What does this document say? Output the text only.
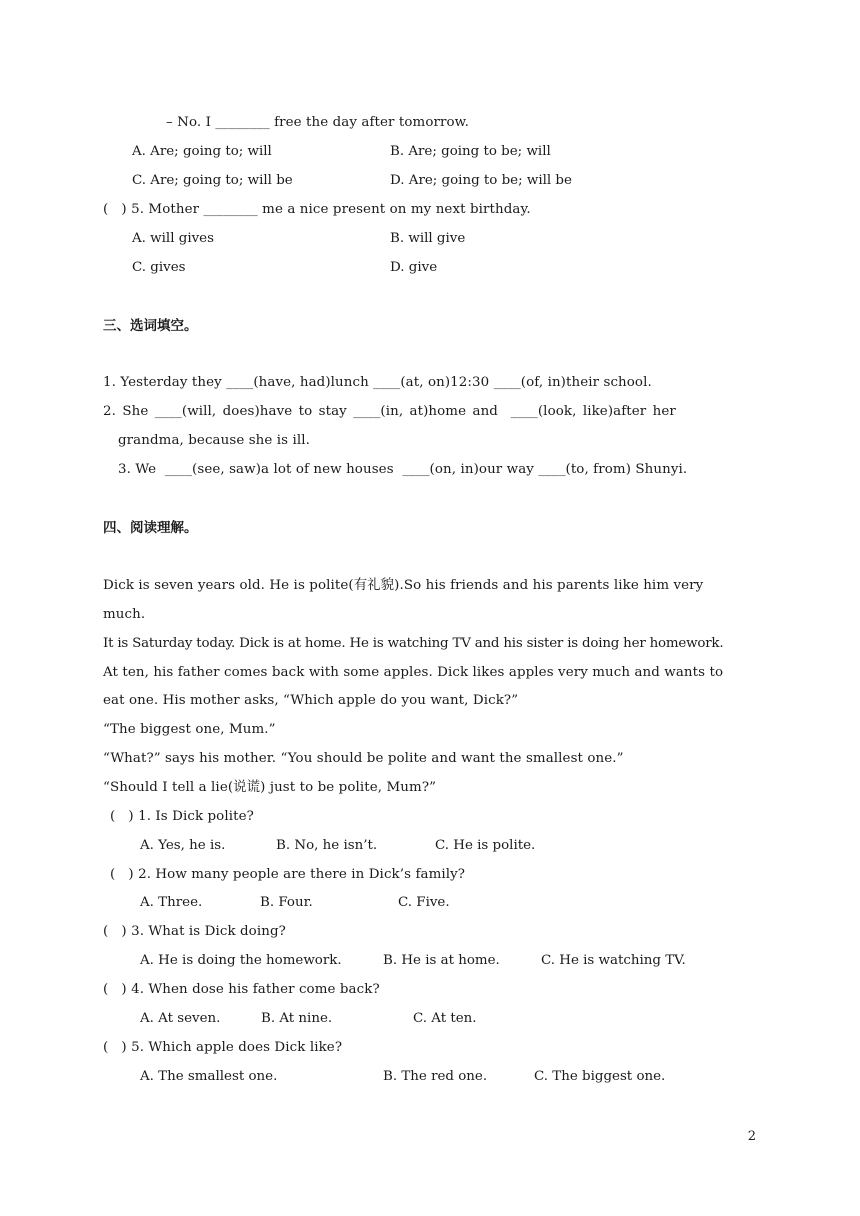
– No. I ________ free the day after tomorrow.
A. Are; going to; will	B. Are; going to be; will
C. Are; going to; will be	D. Are; going to be; will be
(   ) 5. Mother ________ me a nice present on my next birthday.
A. will gives	B. will give
C. gives	D. give
三、选词填空。
1. Yesterday they ____(have, had)lunch ____(at, on)12:30 ____(of, in)their school.
2. She ____(will, does)have to stay ____(in, at)home and  ____(look, like)after her
grandma, because she is ill.
3. We  ____(see, saw)a lot of new houses  ____(on, in)our way ____(to, from) Shunyi.
四、阅读理解。
Dick is seven years old. He is polite(有礼貌).So his friends and his parents like him very
much.
It is Saturday today. Dick is at home. He is watching TV and his sister is doing her homework.
At ten, his father comes back with some apples. Dick likes apples very much and wants to
eat one. His mother asks, “Which apple do you want, Dick?”
“The biggest one, Mum.”
“What?” says his mother. “You should be polite and want the smallest one.”
“Should I tell a lie(说谎) just to be polite, Mum?”
(   ) 1. Is Dick polite?
A. Yes, he is.	B. No, he isn’t.	C. He is polite.
(   ) 2. How many people are there in Dick’s family?
A. Three.	B. Four.	C. Five.
(   ) 3. What is Dick doing?
A. He is doing the homework.	B. He is at home.	C. He is watching TV.
(   ) 4. When dose his father come back?
A. At seven.	B. At nine.	C. At ten.
(   ) 5. Which apple does Dick like?
A. The smallest one.	B. The red one.	C. The biggest one.
2
